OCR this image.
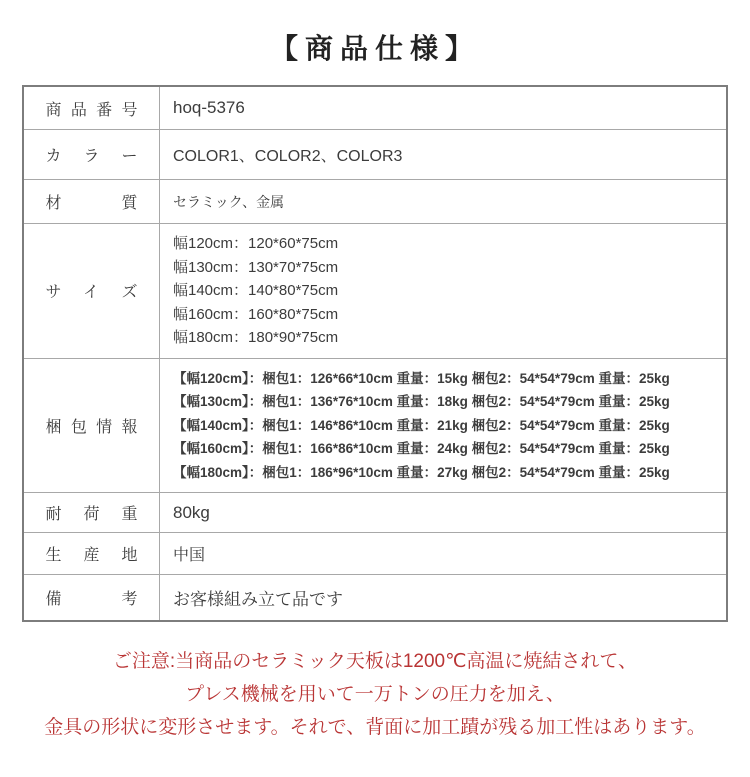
【商品仕様】
商品番号 hoq-5376
カラー COLOR1、COLOR2、COLOR3
材質	セラミック、金属
サイズ
幅120cm：120*60*75cm
幅130cm：130*70*75cm
幅140cm：140*80*75cm
幅160cm：160*80*75cm
幅180cm：180*90*75cm
梱包情報
【幅120cm】：梱包1：126*66*10cm 重量：15kg 梱包2：54*54*79cm 重量：25kg
【幅130cm】：梱包1：136*76*10cm 重量：18kg 梱包2：54*54*79cm 重量：25kg
【幅140cm】：梱包1：146*86*10cm 重量：21kg 梱包2：54*54*79cm 重量：25kg
【幅160cm】：梱包1：166*86*10cm 重量：24kg 梱包2：54*54*79cm 重量：25kg
【幅180cm】：梱包1：186*96*10cm 重量：27kg 梱包2：54*54*79cm 重量：25kg
耐荷重 80kg
生産地 中国
備考 お客様組み立て品です
ご注意:当商品のセラミック天板は1200℃高温に焼結されて、
プレス機械を用いて一万トンの圧力を加え、
金具の形状に変形させます。それで、背面に加工蹟が残る加工性はあります。
